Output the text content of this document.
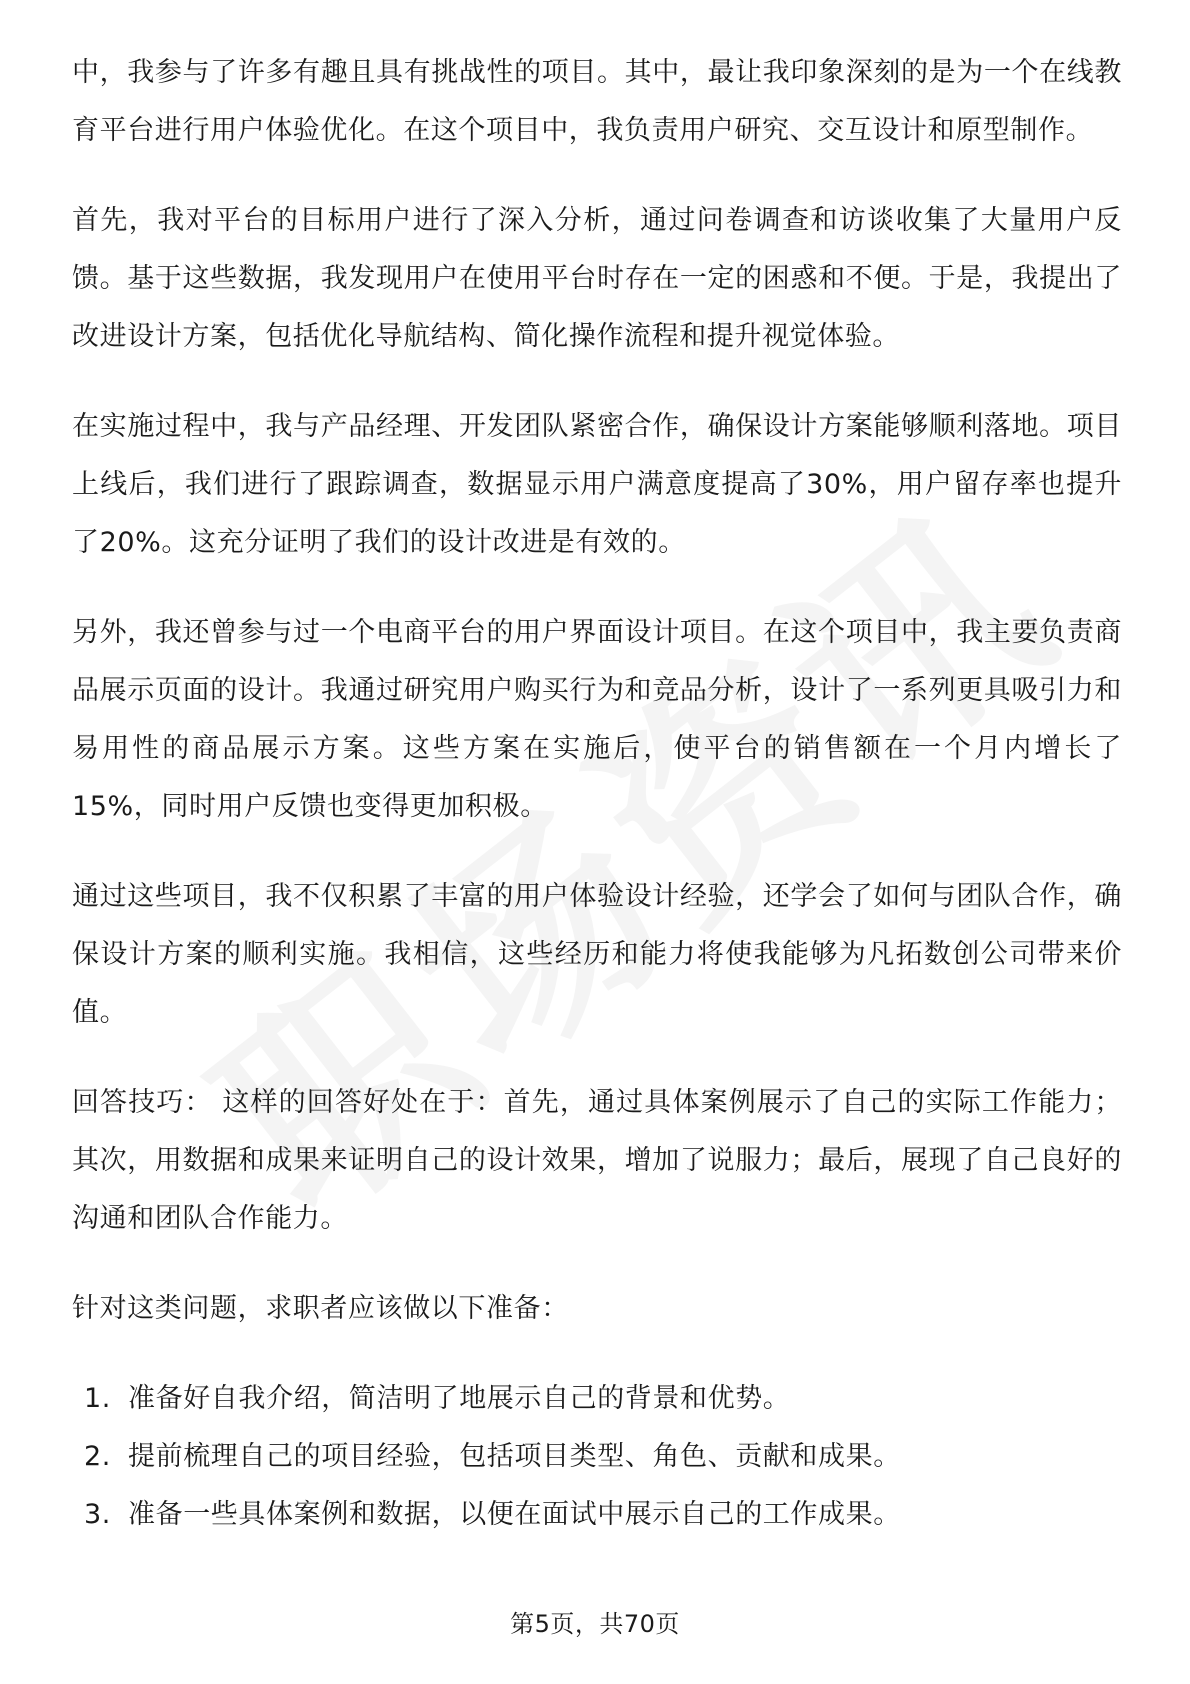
中，我参与了许多有趣且具有挑战性的项目。其中，最让我印象深刻的是为一个在线教育平台进行用户体验优化。在这个项目中，我负责用户研究、交互设计和原型制作。

首先，我对平台的目标用户进行了深入分析，通过问卷调查和访谈收集了大量用户反馈。基于这些数据，我发现用户在使用平台时存在一定的困惑和不便。于是，我提出了改进设计方案，包括优化导航结构、简化操作流程和提升视觉体验。

在实施过程中，我与产品经理、开发团队紧密合作，确保设计方案能够顺利落地。项目上线后，我们进行了跟踪调查，数据显示用户满意度提高了30%，用户留存率也提升了20%。这充分证明了我们的设计改进是有效的。

另外，我还曾参与过一个电商平台的用户界面设计项目。在这个项目中，我主要负责商品展示页面的设计。我通过研究用户购买行为和竞品分析，设计了一系列更具吸引力和易用性的商品展示方案。这些方案在实施后，使平台的销售额在一个月内增长了15%，同时用户反馈也变得更加积极。

通过这些项目，我不仅积累了丰富的用户体验设计经验，还学会了如何与团队合作，确保设计方案的顺利实施。我相信，这些经历和能力将使我能够为凡拓数创公司带来价值。

回答技巧： 这样的回答好处在于：首先，通过具体案例展示了自己的实际工作能力；其次，用数据和成果来证明自己的设计效果，增加了说服力；最后，展现了自己良好的沟通和团队合作能力。

针对这类问题，求职者应该做以下准备：

1. 准备好自我介绍，简洁明了地展示自己的背景和优势。
2. 提前梳理自己的项目经验，包括项目类型、角色、贡献和成果。
3. 准备一些具体案例和数据，以便在面试中展示自己的工作成果。
第5页，共70页
